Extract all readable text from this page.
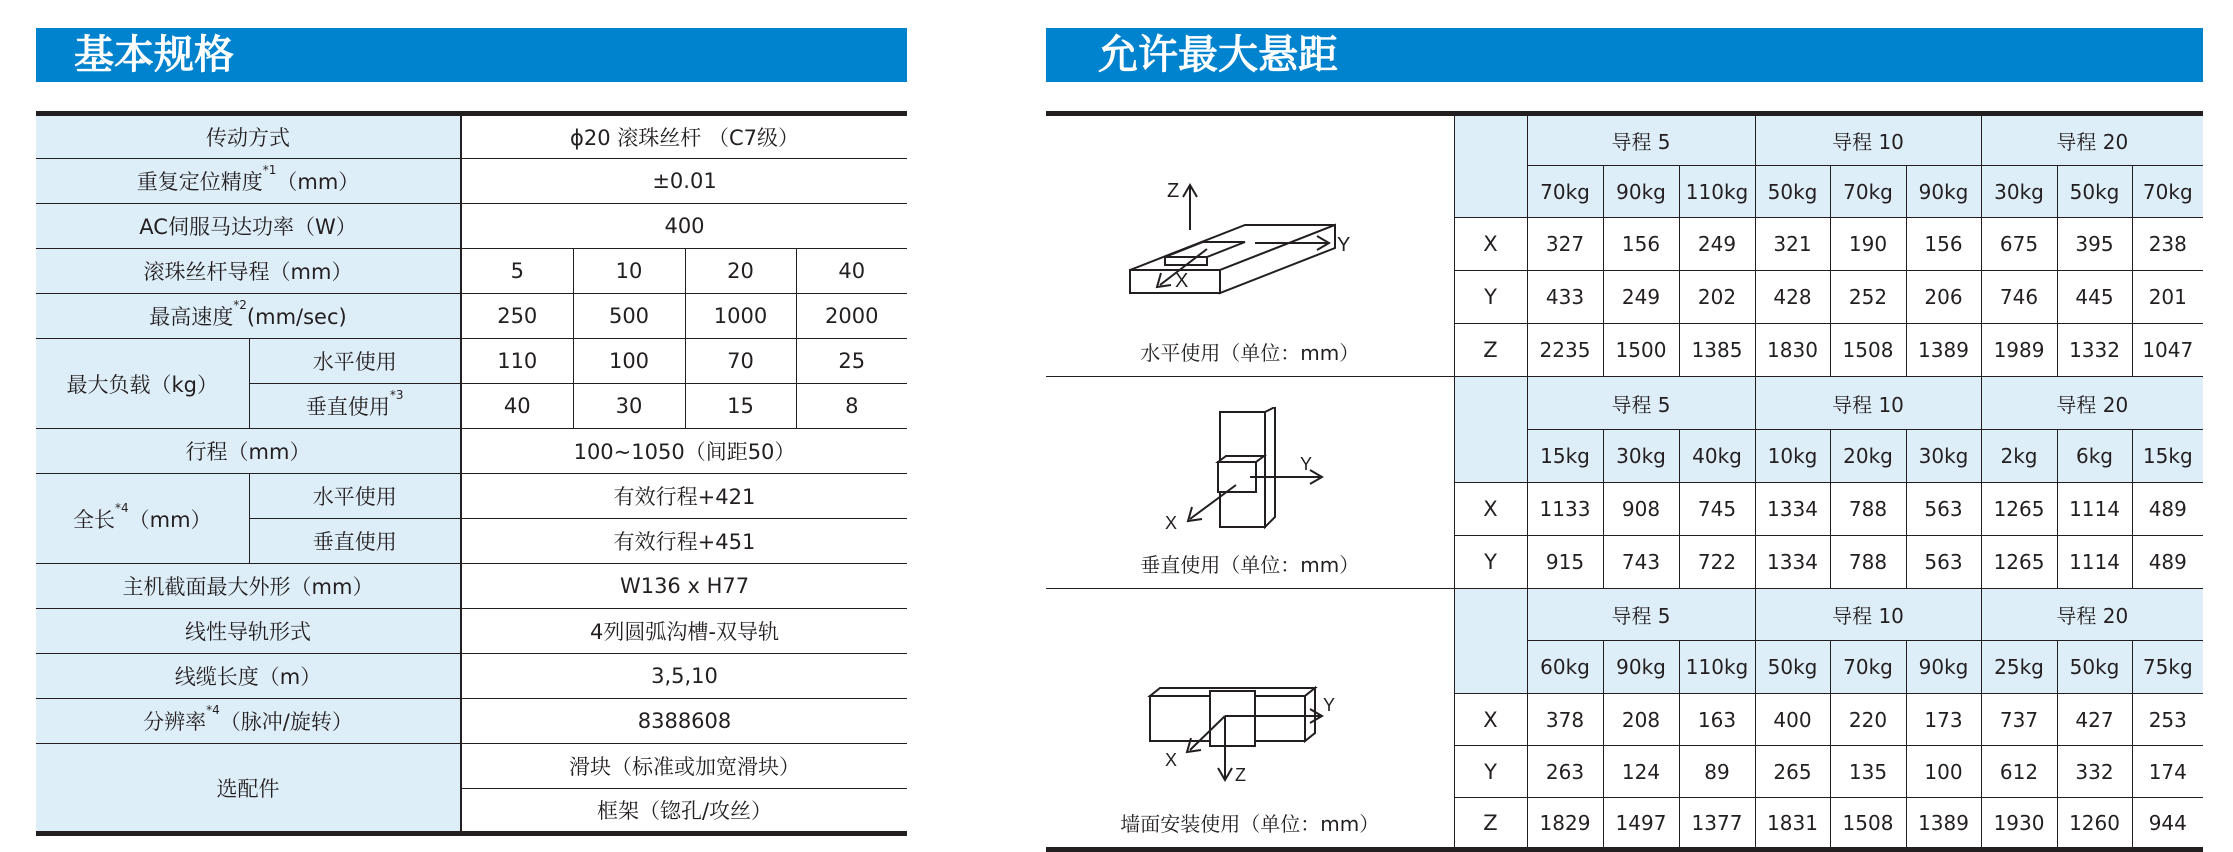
基本规格
传动方式		ϕ20 滚珠丝杆 （C7级）			
重复定位精度$^{*1}$（mm）		±0.01			
AC伺服马达功率（W）		400			
滚珠丝杆导程（mm）		5	10	20	40
最高速度$^{*2}$(mm/sec)		250	500	1000	2000
最大负载（kg）	水平使用	110	100	70	25
	垂直使用$^{*3}$	40	30	15	8
行程（mm）		100~1050（间距50）			
全长$^{*4}$（mm）	水平使用	有效行程+421			
	垂直使用	有效行程+451			
主机截面最大外形（mm）		W136 x H77			
线性导轨形式		4列圆弧沟槽-双导轨			
线缆长度（m）		3,5,10			
分辨率$^{*4}$（脉冲/旋转）		8388608			
选配件		滑块（标准或加宽滑块）			
		框架（锪孔/攻丝）			
允许最大悬距
Z
Y
X
水平使用（单位：mm）		导程 5			导程 10			导程 20		
		70kg	90kg	110kg	50kg	70kg	90kg	30kg	50kg	70kg
	X	327	156	249	321	190	156	675	395	238
	Y	433	249	202	428	252	206	746	445	201
	Z	2235	1500	1385	1830	1508	1389	1989	1332	1047

Y
X
垂直使用（单位：mm）		导程 5			导程 10			导程 20		
		15kg	30kg	40kg	10kg	20kg	30kg	2kg	6kg	15kg
	X	1133	908	745	1334	788	563	1265	1114	489
	Y	915	743	722	1334	788	563	1265	1114	489

Y
X
Z
墙面安装使用（单位：mm）		导程 5			导程 10			导程 20		
		60kg	90kg	110kg	50kg	70kg	90kg	25kg	50kg	75kg
	X	378	208	163	400	220	173	737	427	253
	Y	263	124	89	265	135	100	612	332	174
	Z	1829	1497	1377	1831	1508	1389	1930	1260	944
